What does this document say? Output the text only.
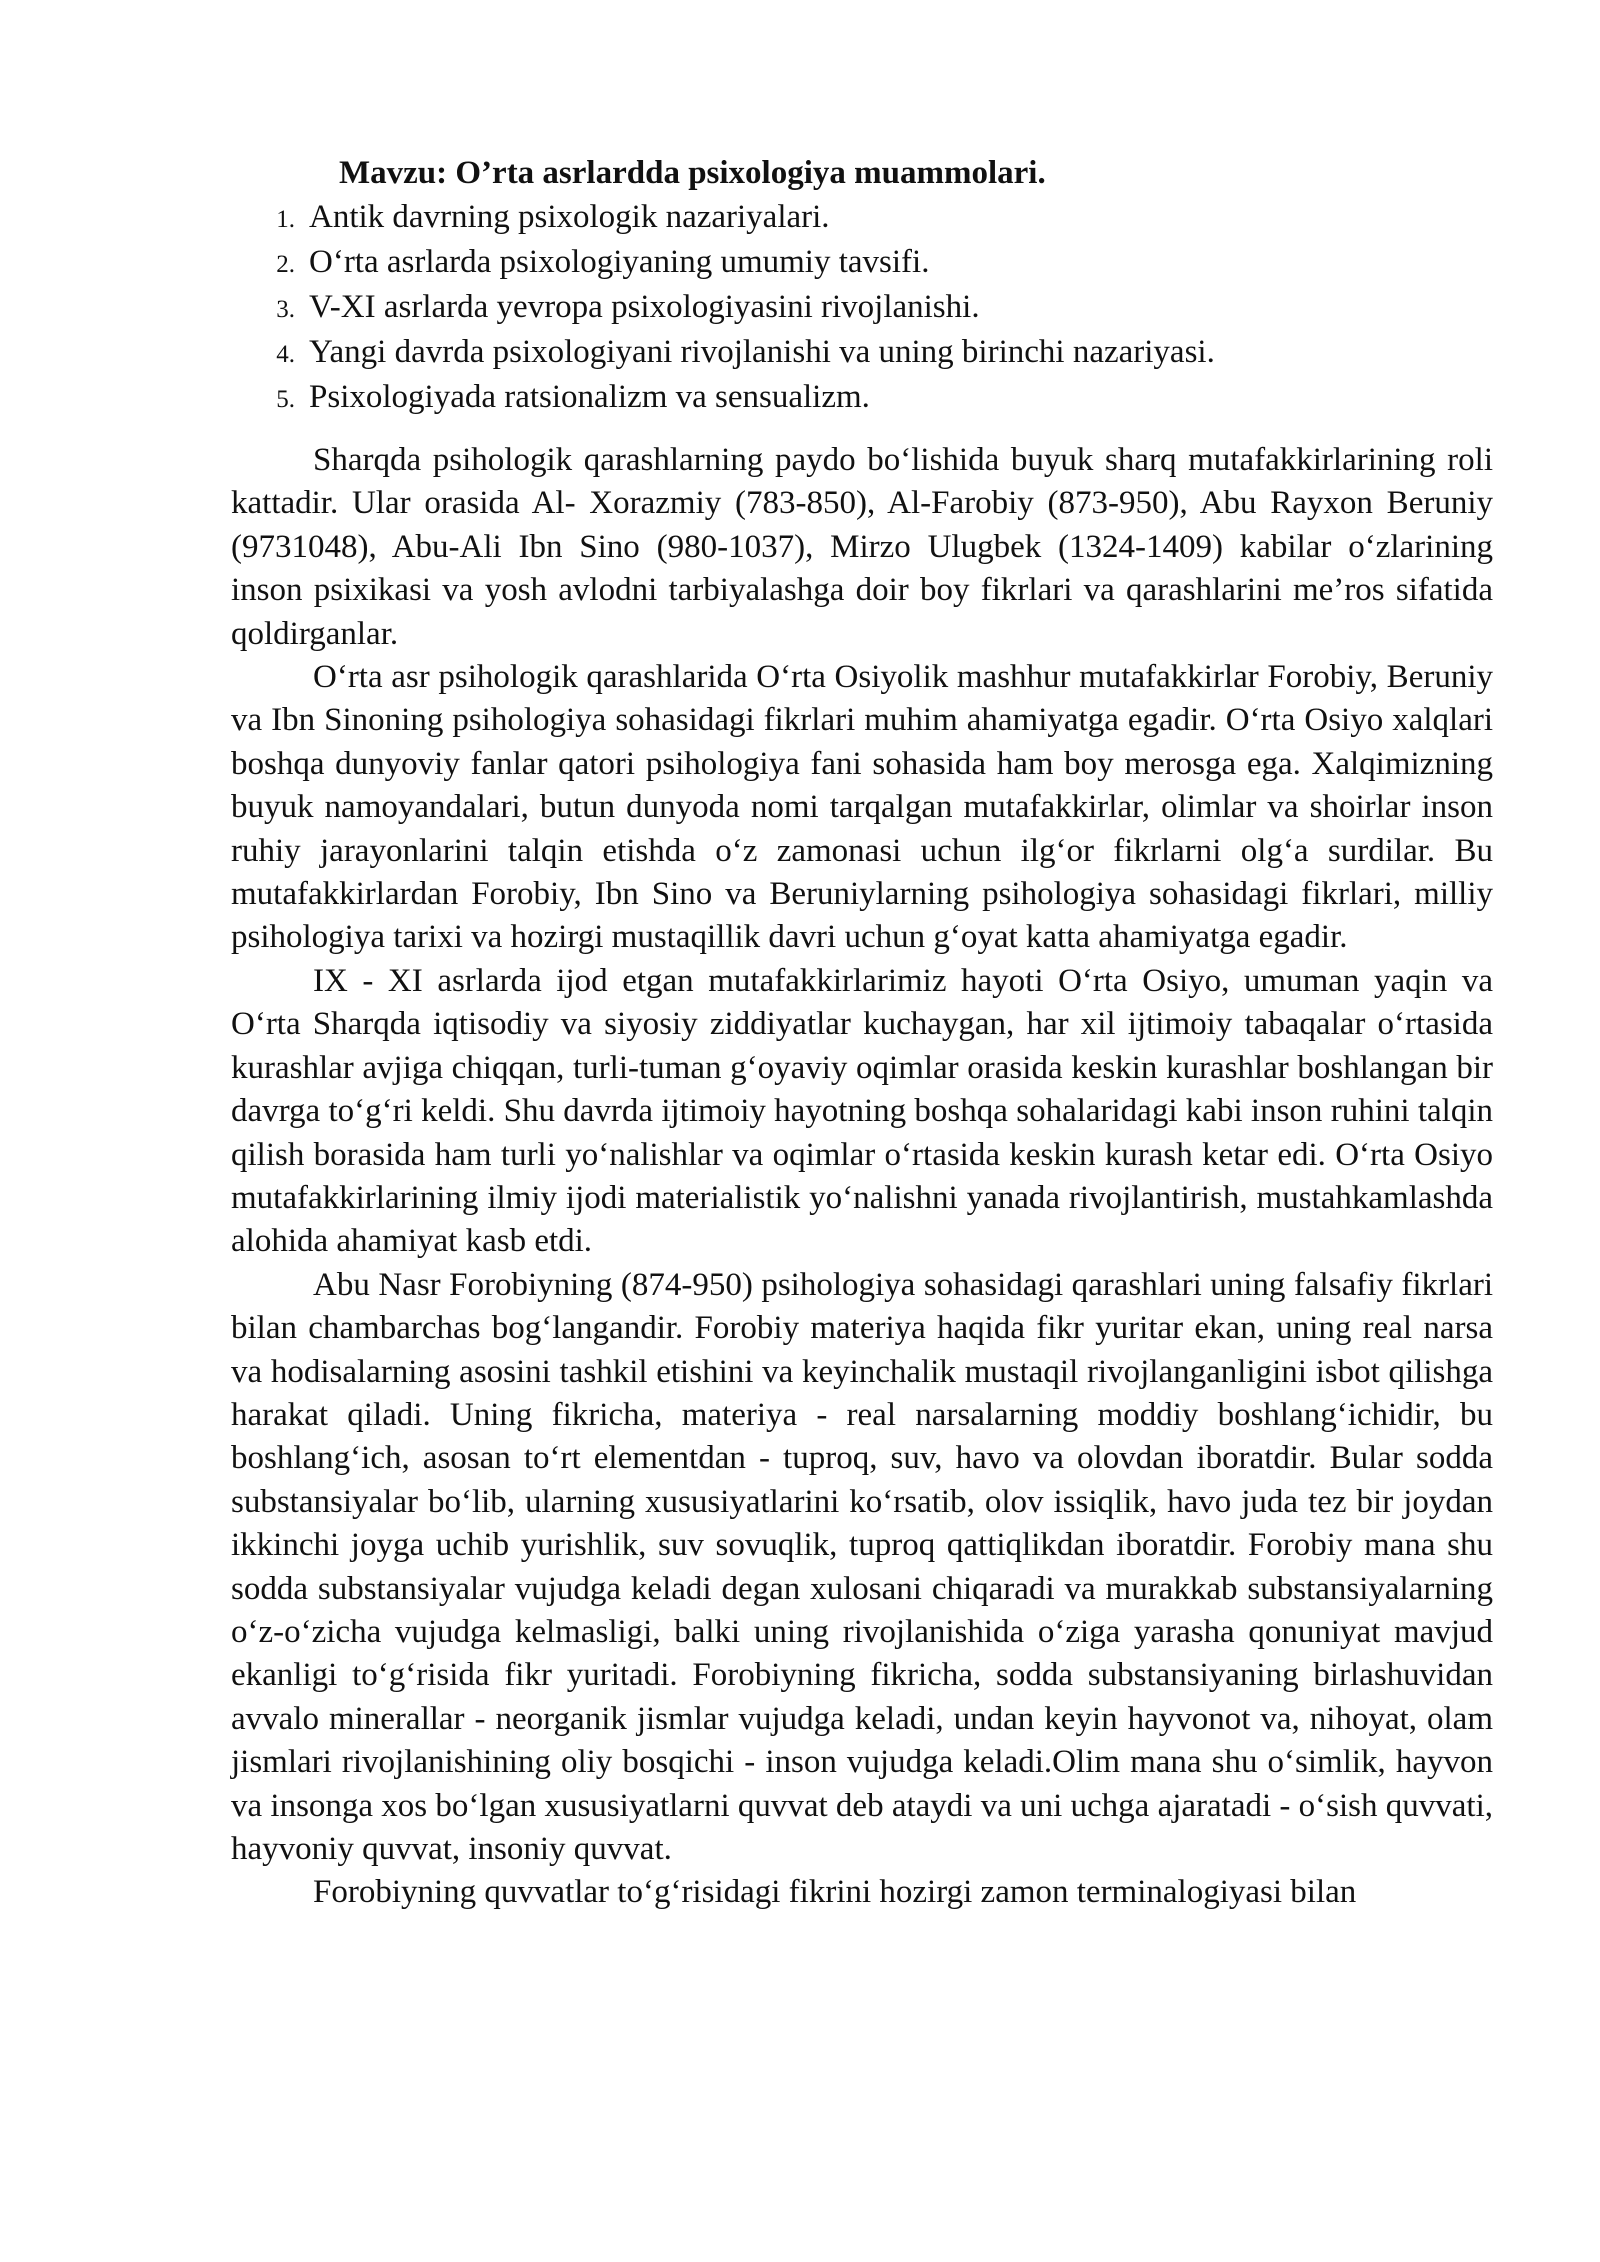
Mavzu: O’rta asrlardda psixologiya muammolari.
1. Antik davrning psixologik nazariyalari.
2. O‘rta asrlarda psixologiyaning umumiy tavsifi.
3. V-XI asrlarda yevropa psixologiyasini rivojlanishi.
4. Yangi davrda psixologiyani rivojlanishi va uning birinchi nazariyasi.
5. Psixologiyada ratsionalizm va sensualizm.

Sharqda psihologik qarashlarning paydo bo‘lishida buyuk sharq mutafakkirlarining roli kattadir. Ular orasida Al- Xorazmiy (783-850), Al-Farobiy (873-950), Abu Rayxon Beruniy (9731048), Abu-Ali Ibn Sino (980-1037), Mirzo Ulugbek (1324-1409) kabilar o‘zlarining inson psixikasi va yosh avlodni tarbiyalashga doir boy fikrlari va qarashlarini me’ros sifatida qoldirganlar.

O‘rta asr psihologik qarashlarida O‘rta Osiyolik mashhur mutafakkirlar Forobiy, Beruniy va Ibn Sinoning psihologiya sohasidagi fikrlari muhim ahamiyatga egadir. O‘rta Osiyo xalqlari boshqa dunyoviy fanlar qatori psihologiya fani sohasida ham boy merosga ega. Xalqimizning buyuk namoyandalari, butun dunyoda nomi tarqalgan mutafakkirlar, olimlar va shoirlar inson ruhiy jarayonlarini talqin etishda o‘z zamonasi uchun ilg‘or fikrlarni olg‘a surdilar. Bu mutafakkirlardan Forobiy, Ibn Sino va Beruniylarning psihologiya sohasidagi fikrlari, milliy psihologiya tarixi va hozirgi mustaqillik davri uchun g‘oyat katta ahamiyatga egadir.

IX - XI asrlarda ijod etgan mutafakkirlarimiz hayoti O‘rta Osiyo, umuman yaqin va O‘rta Sharqda iqtisodiy va siyosiy ziddiyatlar kuchaygan, har xil ijtimoiy tabaqalar o‘rtasida kurashlar avjiga chiqqan, turli-tuman g‘oyaviy oqimlar orasida keskin kurashlar boshlangan bir davrga to‘g‘ri keldi. Shu davrda ijtimoiy hayotning boshqa sohalaridagi kabi inson ruhini talqin qilish borasida ham turli yo‘nalishlar va oqimlar o‘rtasida keskin kurash ketar edi. O‘rta Osiyo mutafakkirlarining ilmiy ijodi materialistik yo‘nalishni yanada rivojlantirish, mustahkamlashda alohida ahamiyat kasb etdi.

Abu Nasr Forobiyning (874-950) psihologiya sohasidagi qarashlari uning falsafiy fikrlari bilan chambarchas bog‘langandir. Forobiy materiya haqida fikr yuritar ekan, uning real narsa va hodisalarning asosini tashkil etishini va keyinchalik mustaqil rivojlanganligini isbot qilishga harakat qiladi. Uning fikricha, materiya - real narsalarning moddiy boshlang‘ichidir, bu boshlang‘ich, asosan to‘rt elementdan - tuproq, suv, havo va olovdan iboratdir. Bular sodda substansiyalar bo‘lib, ularning xususiyatlarini ko‘rsatib, olov issiqlik, havo juda tez bir joydan ikkinchi joyga uchib yurishlik, suv sovuqlik, tuproq qattiqlikdan iboratdir. Forobiy mana shu sodda substansiyalar vujudga keladi degan xulosani chiqaradi va murakkab substansiyalarning o‘z-o‘zicha vujudga kelmasligi, balki uning rivojlanishida o‘ziga yarasha qonuniyat mavjud ekanligi to‘g‘risida fikr yuritadi. Forobiyning fikricha, sodda substansiyaning birlashuvidan avvalo minerallar - neorganik jismlar vujudga keladi, undan keyin hayvonot va, nihoyat, olam jismlari rivojlanishining oliy bosqichi - inson vujudga keladi.Olim mana shu o‘simlik, hayvon va insonga xos bo‘lgan xususiyatlarni quvvat deb ataydi va uni uchga ajaratadi - o‘sish quvvati, hayvoniy quvvat, insoniy quvvat.

Forobiyning quvvatlar to‘g‘risidagi fikrini hozirgi zamon terminalogiyasi bilan
